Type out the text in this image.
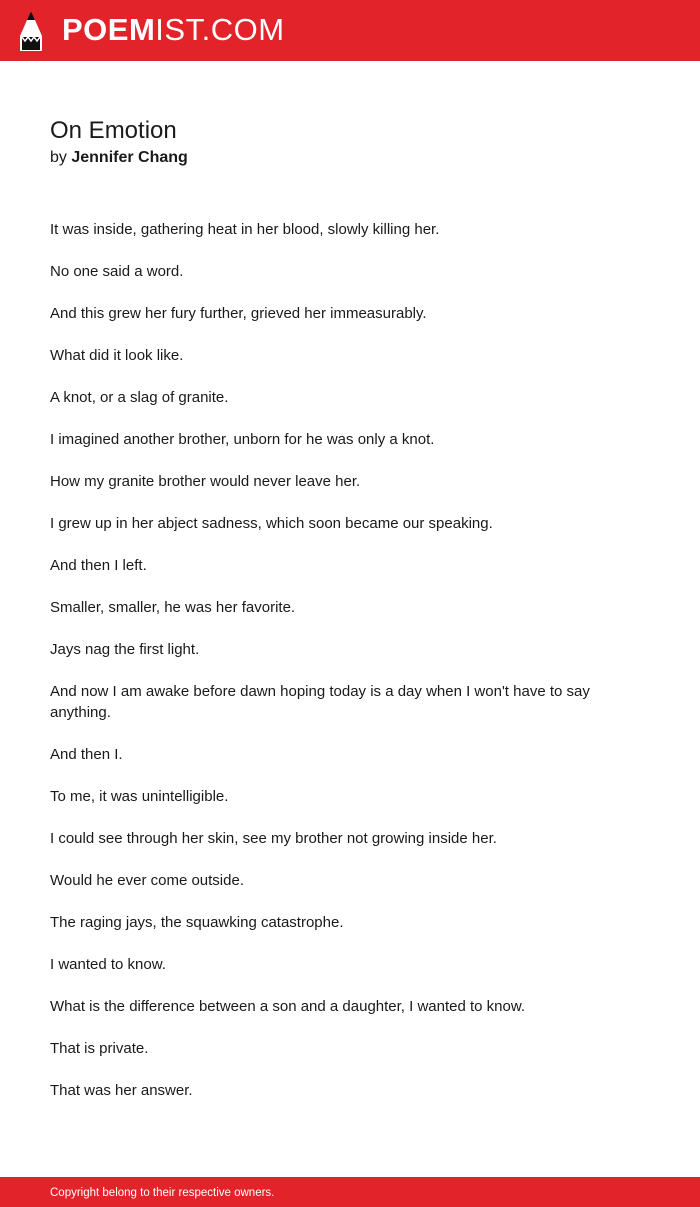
POEMIST.COM
On Emotion
by Jennifer Chang

It was inside, gathering heat in her blood, slowly killing her.

No one said a word.

And this grew her fury further, grieved her immeasurably.

What did it look like.

A knot, or a slag of granite.

I imagined another brother, unborn for he was only a knot.

How my granite brother would never leave her.

I grew up in her abject sadness, which soon became our speaking.

And then I left.

Smaller, smaller, he was her favorite.

Jays nag the first light.

And now I am awake before dawn hoping today is a day when I won't have to say anything.

And then I.

To me, it was unintelligible.

I could see through her skin, see my brother not growing inside her.

Would he ever come outside.

The raging jays, the squawking catastrophe.

I wanted to know.

What is the difference between a son and a daughter, I wanted to know.

That is private.

That was her answer.

Copyright belong to their respective owners.
